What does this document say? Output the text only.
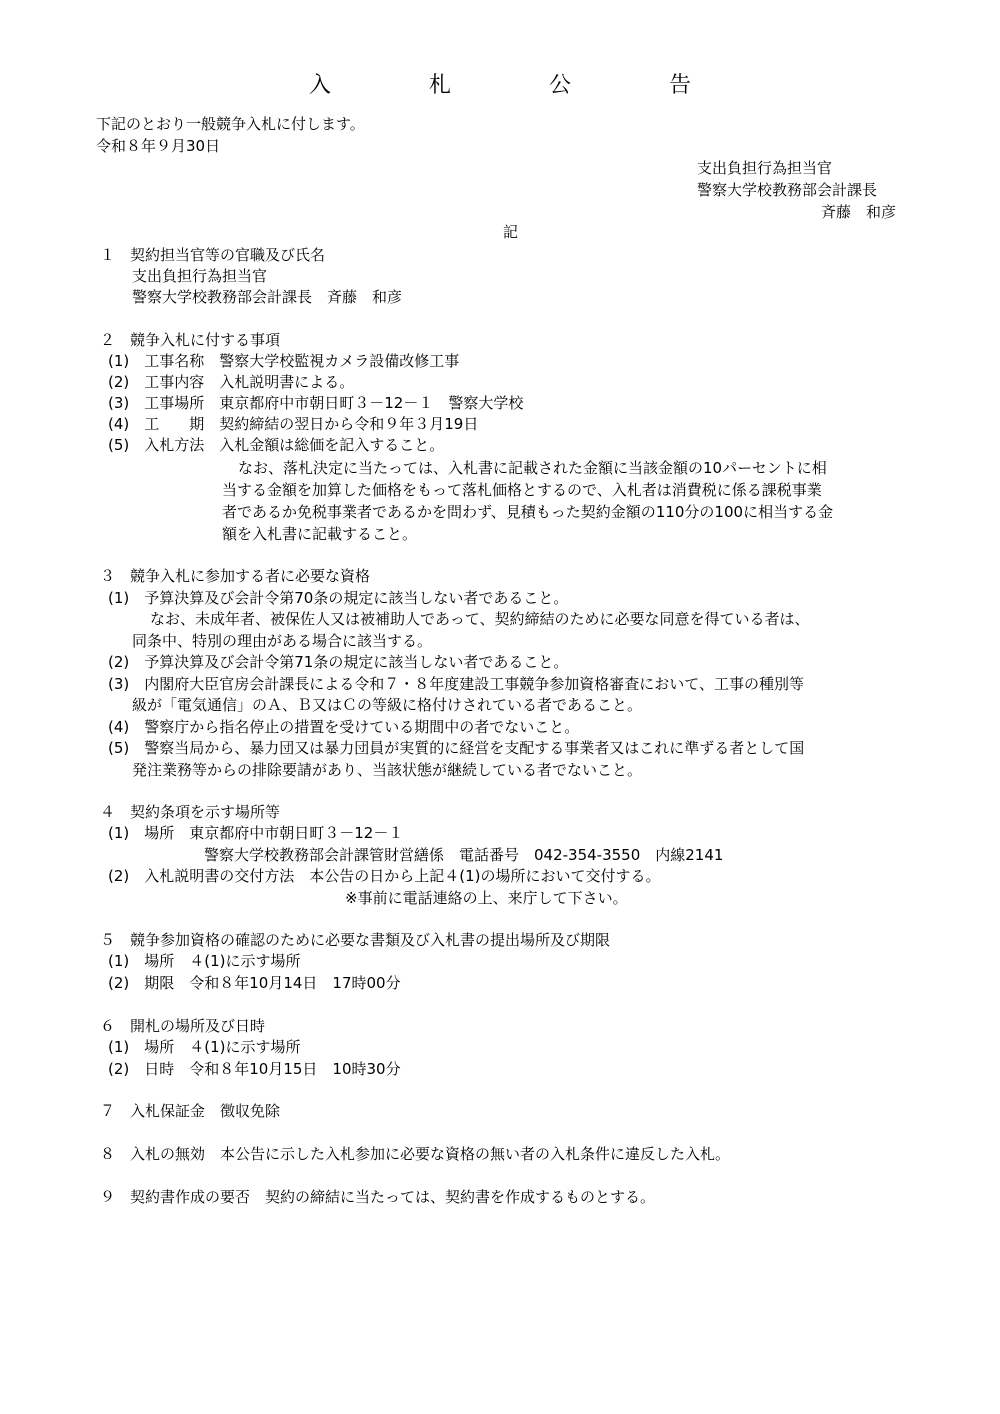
入　札　公　告
下記のとおり一般競争入札に付します。
令和８年９月30日
支出負担行為担当官
警察大学校教務部会計課長
斉藤　和彦
記
１　契約担当官等の官職及び氏名
支出負担行為担当官
警察大学校教務部会計課長　斉藤　和彦
２　競争入札に付する事項
(1)　工事名称　警察大学校監視カメラ設備改修工事
(2)　工事内容　入札説明書による。
(3)　工事場所　東京都府中市朝日町３－12－１　警察大学校
(4)　工　　期　契約締結の翌日から令和９年３月19日
(5)　入札方法　入札金額は総価を記入すること。
なお、落札決定に当たっては、入札書に記載された金額に当該金額の10パーセントに相
当する金額を加算した価格をもって落札価格とするので、入札者は消費税に係る課税事業
者であるか免税事業者であるかを問わず、見積もった契約金額の110分の100に相当する金
額を入札書に記載すること。
３　競争入札に参加する者に必要な資格
(1)　予算決算及び会計令第70条の規定に該当しない者であること。
なお、未成年者、被保佐人又は被補助人であって、契約締結のために必要な同意を得ている者は、
同条中、特別の理由がある場合に該当する。
(2)　予算決算及び会計令第71条の規定に該当しない者であること。
(3)　内閣府大臣官房会計課長による令和７・８年度建設工事競争参加資格審査において、工事の種別等
級が「電気通信」のＡ、Ｂ又はＣの等級に格付けされている者であること。
(4)　警察庁から指名停止の措置を受けている期間中の者でないこと。
(5)　警察当局から、暴力団又は暴力団員が実質的に経営を支配する事業者又はこれに準ずる者として国
発注業務等からの排除要請があり、当該状態が継続している者でないこと。
４　契約条項を示す場所等
(1)　場所　東京都府中市朝日町３－12－１
警察大学校教務部会計課管財営繕係　電話番号　042-354-3550　内線2141
(2)　入札説明書の交付方法　本公告の日から上記４(1)の場所において交付する。
※事前に電話連絡の上、来庁して下さい。
５　競争参加資格の確認のために必要な書類及び入札書の提出場所及び期限
(1)　場所　４(1)に示す場所
(2)　期限　令和８年10月14日　17時00分
６　開札の場所及び日時
(1)　場所　４(1)に示す場所
(2)　日時　令和８年10月15日　10時30分
７　入札保証金　徴収免除
８　入札の無効　本公告に示した入札参加に必要な資格の無い者の入札条件に違反した入札。
９　契約書作成の要否　契約の締結に当たっては、契約書を作成するものとする。
